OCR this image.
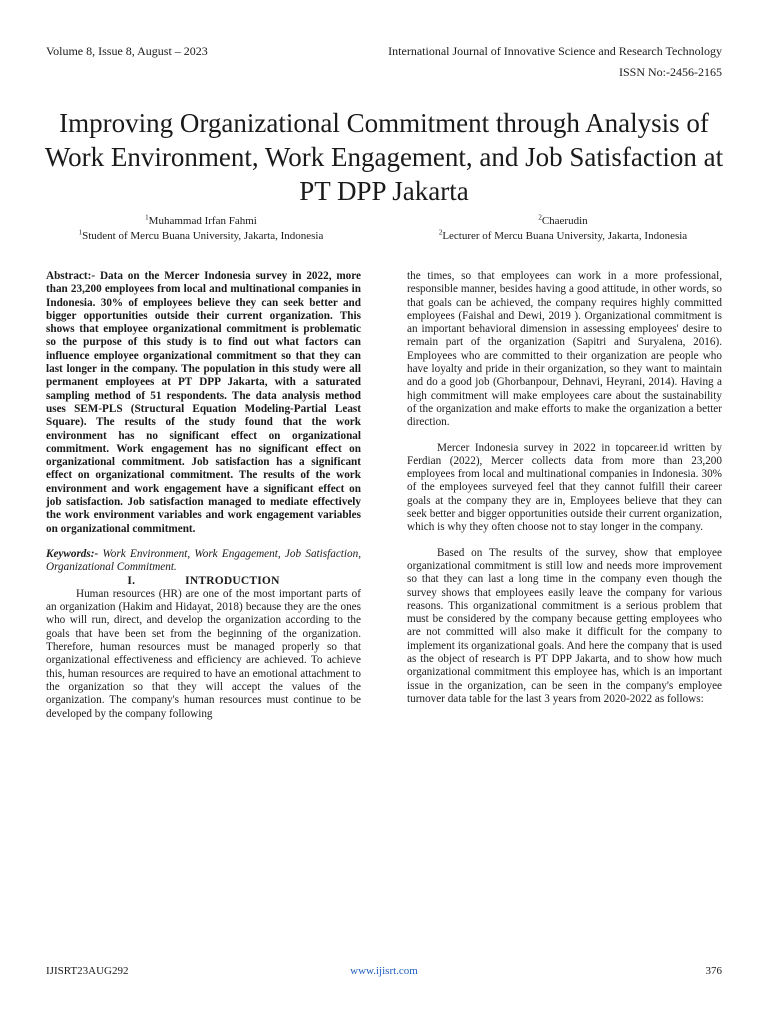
Volume 8, Issue 8, August – 2023	International Journal of Innovative Science and Research Technology
ISSN No:-2456-2165
Improving Organizational Commitment through Analysis of Work Environment, Work Engagement, and Job Satisfaction at PT DPP Jakarta
$^1$Muhammad Irfan Fahmi
$^1$Student of Mercu Buana University, Jakarta, Indonesia
$^2$Chaerudin
$^2$Lecturer of Mercu Buana University, Jakarta, Indonesia

Abstract:- Data on the Mercer Indonesia survey in 2022, more than 23,200 employees from local and multinational companies in Indonesia. 30% of employees believe they can seek better and bigger opportunities outside their current organization. This shows that employee organizational commitment is problematic so the purpose of this study is to find out what factors can influence employee organizational commitment so that they can last longer in the company. The population in this study were all permanent employees at PT DPP Jakarta, with a saturated sampling method of 51 respondents. The data analysis method uses SEM-PLS (Structural Equation Modeling-Partial Least Square). The results of the study found that the work environment has no significant effect on organizational commitment. Work engagement has no significant effect on organizational commitment. Job satisfaction has a significant effect on organizational commitment. The results of the work environment and work engagement have a significant effect on job satisfaction. Job satisfaction managed to mediate effectively the work environment variables and work engagement variables on organizational commitment.

Keywords:- Work Environment, Work Engagement, Job Satisfaction, Organizational Commitment.

I.	INTRODUCTION

Human resources (HR) are one of the most important parts of an organization (Hakim and Hidayat, 2018) because they are the ones who will run, direct, and develop the organization according to the goals that have been set from the beginning of the organization. Therefore, human resources must be managed properly so that organizational effectiveness and efficiency are achieved. To achieve this, human resources are required to have an emotional attachment to the organization so that they will accept the values of the organization. The company's human resources must continue to be developed by the company following

the times, so that employees can work in a more professional, responsible manner, besides having a good attitude, in other words, so that goals can be achieved, the company requires highly committed employees (Faishal and Dewi, 2019 ). Organizational commitment is an important behavioral dimension in assessing employees' desire to remain part of the organization (Sapitri and Suryalena, 2016). Employees who are committed to their organization are people who have loyalty and pride in their organization, so they want to maintain and do a good job (Ghorbanpour, Dehnavi, Heyrani, 2014). Having a high commitment will make employees care about the sustainability of the organization and make efforts to make the organization a better direction.

Mercer Indonesia survey in 2022 in topcareer.id written by Ferdian (2022), Mercer collects data from more than 23,200 employees from local and multinational companies in Indonesia. 30% of the employees surveyed feel that they cannot fulfill their career goals at the company they are in, Employees believe that they can seek better and bigger opportunities outside their current organization, which is why they often choose not to stay longer in the company.

Based on The results of the survey, show that employee organizational commitment is still low and needs more improvement so that they can last a long time in the company even though the survey shows that employees easily leave the company for various reasons. This organizational commitment is a serious problem that must be considered by the company because getting employees who are not committed will also make it difficult for the company to implement its organizational goals. And here the company that is used as the object of research is PT DPP Jakarta, and to show how much organizational commitment this employee has, which is an important issue in the organization, can be seen in the company's employee turnover data table for the last 3 years from 2020-2022 as follows:

IJISRT23AUG292	www.ijisrt.com	376
